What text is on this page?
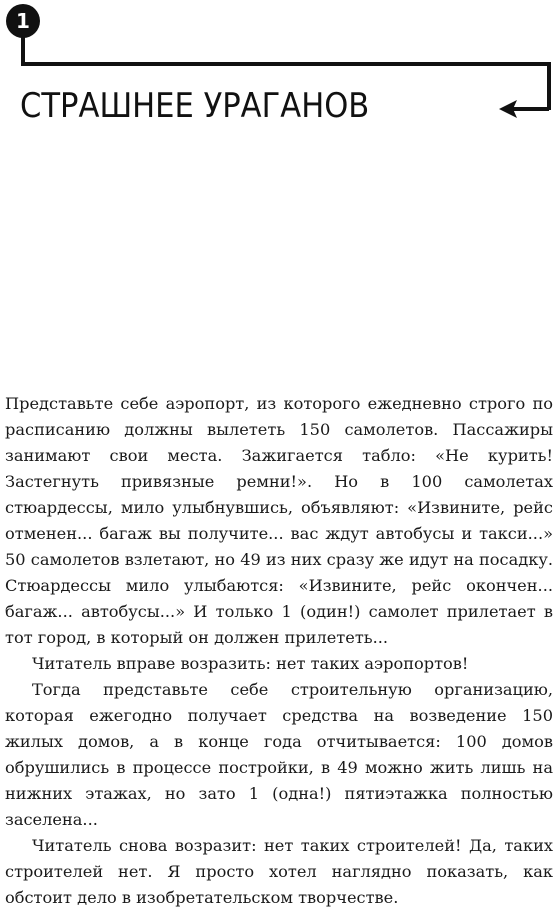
1
СТРАШНЕЕ УРАГАНОВ

Представьте себе аэропорт, из которого ежедневно строго по расписанию должны вылететь 150 самолетов. Пассажиры занимают свои места. Зажигается табло: «Не курить! Застегнуть привязные ремни!». Но в 100 самолетах стюардессы, мило улыбнувшись, объявляют: «Извините, рейс отменен... багаж вы получите... вас ждут автобусы и такси...» 50 самолетов взлетают, но 49 из них сразу же идут на посадку. Стюардессы мило улыбаются: «Извините, рейс окончен... багаж... автобусы...» И только 1 (один!) самолет прилетает в тот город, в который он должен прилететь...

Читатель вправе возразить: нет таких аэропортов!

Тогда представьте себе строительную организацию, которая ежегодно получает средства на возведение 150 жилых домов, а в конце года отчитывается: 100 домов обрушились в процессе постройки, в 49 можно жить лишь на нижних этажах, но зато 1 (одна!) пятиэтажка полностью заселена...

Читатель снова возразит: нет таких строителей! Да, таких строителей нет. Я просто хотел наглядно показать, как обстоит дело в изобретательском творчестве.
